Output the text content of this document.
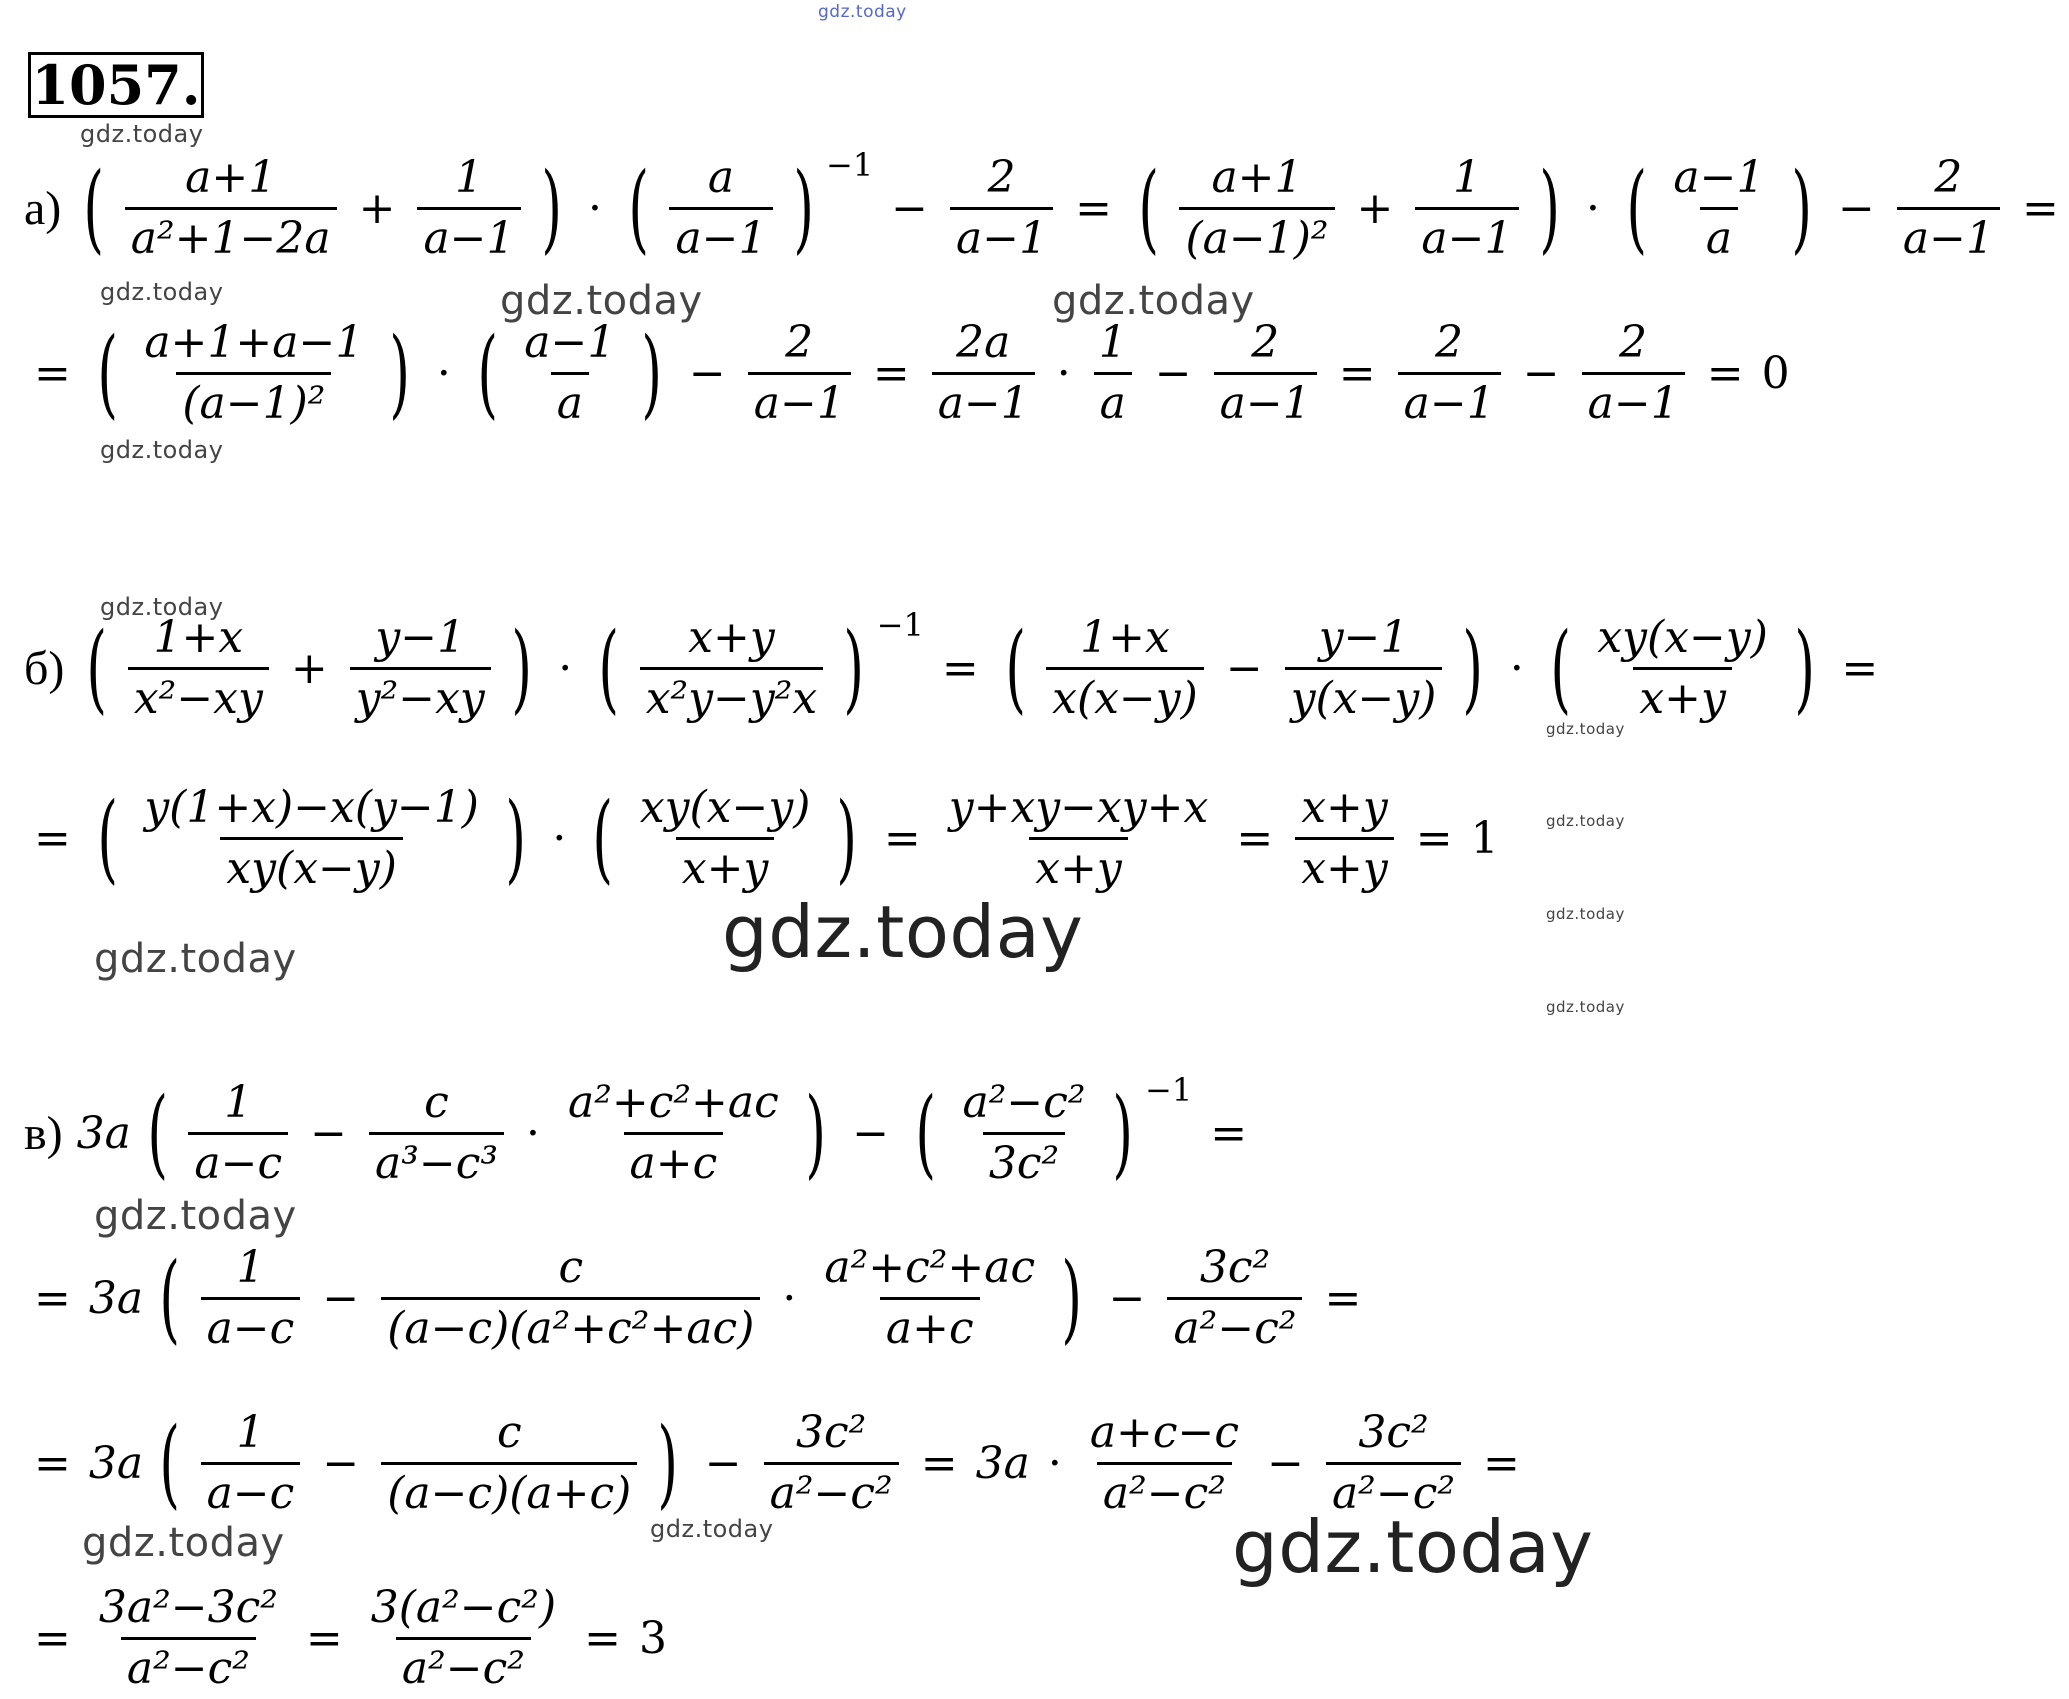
gdz.today
gdz.today
gdz.today	gdz.today	gdz.today
gdz.today
gdz.today
gdz.today
gdz.today
gdz.today
gdz.today
gdz.today	gdz.today
gdz.today
gdz.today	gdz.today	gdz.today
1057.
а) ( $\frac{a+1}{\text{a²+1−2a}} + \frac{1}{a-1}$ ) · ( $\frac{a}{a-1}$ ) −1
− $\frac{2}{a-1}$ = ( $\frac{a+1}{\text{(a−1)²}} + \frac{1}{a-1}$ ) · ( $\frac{a-1}{a}$ ) − $\frac{2}{a-1}$ =
= ( $\frac{a+1+a-1}{\text{(a−1)²}}$ ) · ( $\frac{a-1}{a}$ ) − $\frac{2}{a-1} = \frac{2a}{a-1} \cdot \frac{1}{a} - \frac{2}{a-1} = \frac{2}{a-1} - \frac{2}{a-1} = 0$
б) ( $\frac{1+x}{\text{x²−xy}} + \frac{y-1}{\text{y²−xy}}$ ) · ( $\frac{x+y}{\text{x²y−y²x}}$ ) −1
= ( $\frac{1+x}{x(x-y)} - \frac{y-1}{y(x-y)}$ ) · ( $\frac{xy(x-y)}{x+y}$ ) =
= ( $\frac{y(1+x)-x(y-1)}{xy(x-y)}$ ) · ( $\frac{xy(x-y)}{x+y}$ ) = $\frac{y+xy-xy+x}{x+y} = \frac{x+y}{x+y} = 1$
в) 3a ( $\frac{1}{a-c} - \frac{c}{\text{a³−c³}} \cdot \frac{\text{a²+c²+ac}}{a+c}$ ) − ( $\frac{\text{a²−c²}}{\text{3c²}}$ ) −1
=
= 3a ( $\frac{1}{a-c} - \frac{c}{\text{(a−c)(a²+c²+ac)}} \cdot \frac{\text{a²+c²+ac}}{a+c}$ ) − $\frac{\text{3c²}}{\text{a²−c²}}$ =
= 3a ( $\frac{1}{a-c} - \frac{c}{(a-c)(a+c)}$ ) − $\frac{\text{3c²}}{\text{a²−c²}} = 3a \cdot \frac{a+c-c}{\text{a²−c²}} - \frac{\text{3c²}}{\text{a²−c²}}$ =
= $\frac{\text{3a²−3c²}}{\text{a²−c²}} = \frac{\text{3(a²−c²)}}{\text{a²−c²}} = 3$
